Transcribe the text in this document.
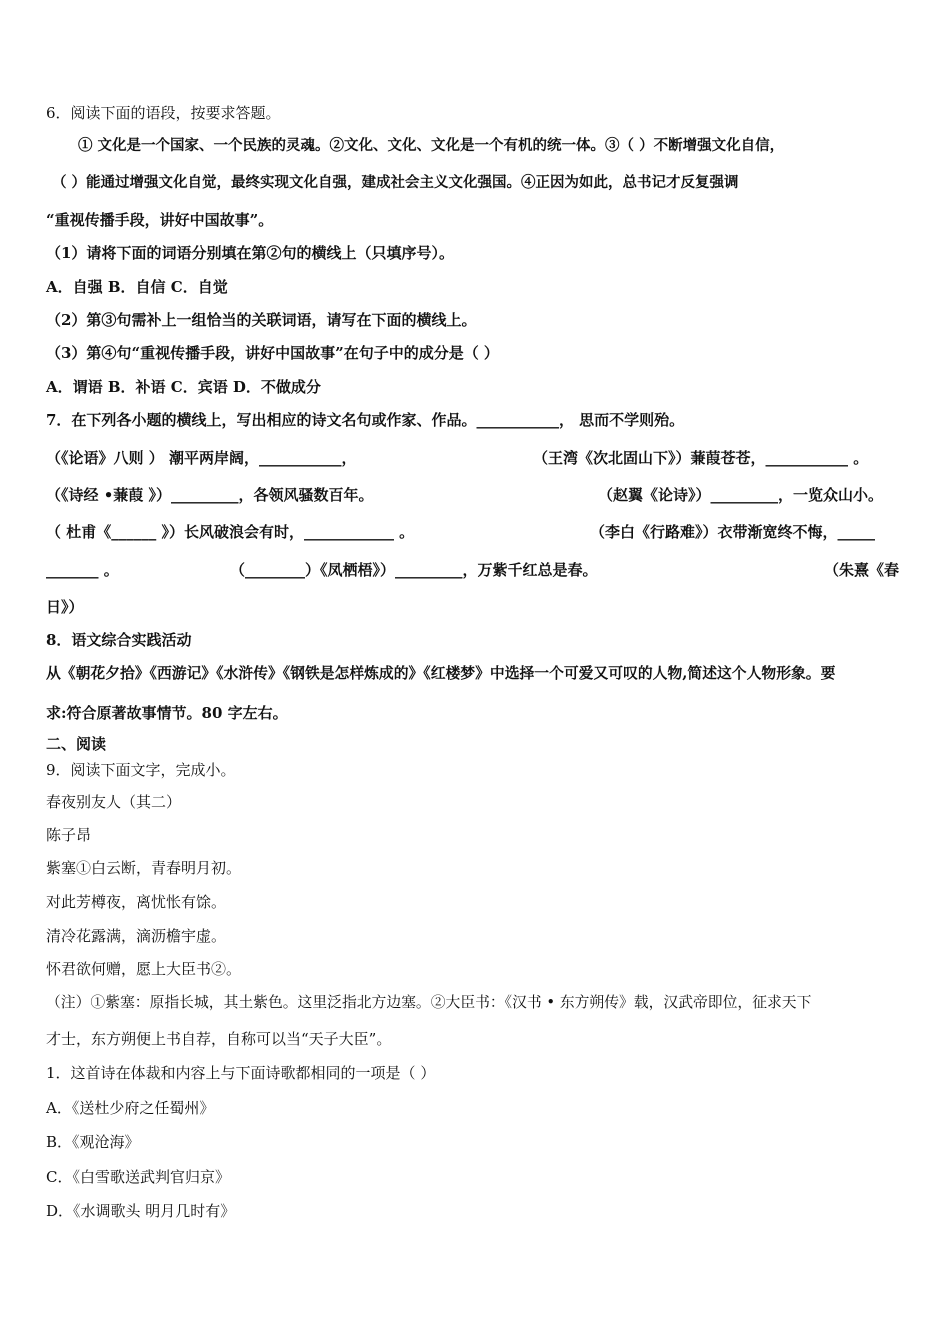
6．阅读下面的语段，按要求答题。
① 文化是一个国家、一个民族的灵魂。②文化、文化、文化是一个有机的统一体。③（ ）不断增强文化自信，
（ ）能通过增强文化自觉，最终实现文化自强，建成社会主义文化强国。④正因为如此，总书记才反复强调
“重视传播手段，讲好中国故事”。
（1）请将下面的词语分别填在第②句的横线上（只填序号）。
A．自强 B．自信 C．自觉
（2）第③句需补上一组恰当的关联词语，请写在下面的横线上。
（3）第④句“重视传播手段，讲好中国故事”在句子中的成分是（ ）
A．谓语 B．补语 C．宾语 D．不做成分
7．在下列各小题的横线上，写出相应的诗文名句或作家、作品。___________， 思而不学则殆。
（《论语》八则 ） 潮平两岸阔，___________，	（王湾《次北固山下》）蒹葭苍苍，___________ 。
（《诗经 •蒹葭 》）_________，各领风骚数百年。	（赵翼《论诗》）_________，一览众山小。
（ 杜甫《______ 》）长风破浪会有时，____________ 。	（李白《行路难》）衣带渐宽终不悔，_____
_______ 。	（________）《凤栖梧》）_________，万紫千红总是春。	（朱熹《春
日》）
8．语文综合实践活动
从《朝花夕拾》《西游记》《水浒传》《钢铁是怎样炼成的》《红楼梦》中选择一个可爱又可叹的人物,简述这个人物形象。要
求:符合原著故事情节。80 字左右。
二、阅读
9．阅读下面文字，完成小。
春夜别友人（其二）
陈子昂
紫塞①白云断，青春明月初。
对此芳樽夜，离忧怅有馀。
清冷花露满，滴沥檐宇虚。
怀君欲何赠，愿上大臣书②。
（注）①紫塞：原指长城，其土紫色。这里泛指北方边塞。②大臣书：《汉书 • 东方朔传》载，汉武帝即位，征求天下
才士，东方朔便上书自荐，自称可以当“天子大臣”。
1．这首诗在体裁和内容上与下面诗歌都相同的一项是（ ）
A．《送杜少府之任蜀州》
B．《观沧海》
C．《白雪歌送武判官归京》
D．《水调歌头 明月几时有》
